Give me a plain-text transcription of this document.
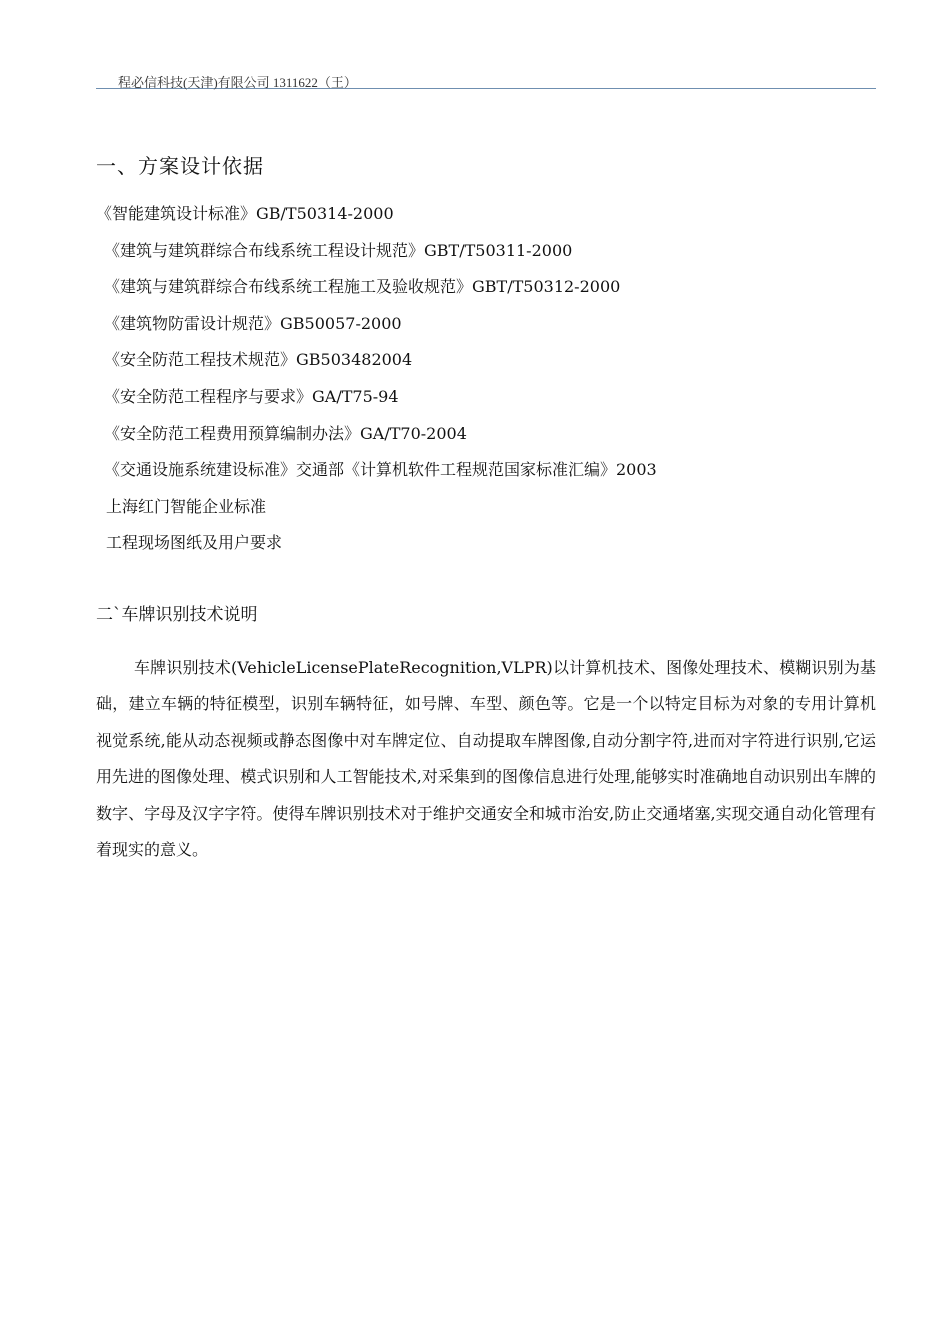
程必信科技(天津)有限公司 1311622（王）
一、方案设计依据
《智能建筑设计标准》GB/T50314-2000
《建筑与建筑群综合布线系统工程设计规范》GBT/T50311-2000
《建筑与建筑群综合布线系统工程施工及验收规范》GBT/T50312-2000
《建筑物防雷设计规范》GB50057-2000
《安全防范工程技术规范》GB503482004
《安全防范工程程序与要求》GA/T75-94
《安全防范工程费用预算编制办法》GA/T70-2004
《交通设施系统建设标准》交通部《计算机软件工程规范国家标准汇编》2003
上海红门智能企业标准
工程现场图纸及用户要求
二`车牌识别技术说明

车牌识别技术(VehicleLicensePlateRecognition,VLPR)以计算机技术、图像处理技术、模糊识别为基础，建立车辆的特征模型，识别车辆特征，如号牌、车型、颜色等。它是一个以特定目标为对象的专用计算机视觉系统,能从动态视频或静态图像中对车牌定位、自动提取车牌图像,自动分割字符,进而对字符进行识别,它运用先进的图像处理、模式识别和人工智能技术,对采集到的图像信息进行处理,能够实时准确地自动识别出车牌的数字、字母及汉字字符。使得车牌识别技术对于维护交通安全和城市治安,防止交通堵塞,实现交通自动化管理有着现实的意义。
